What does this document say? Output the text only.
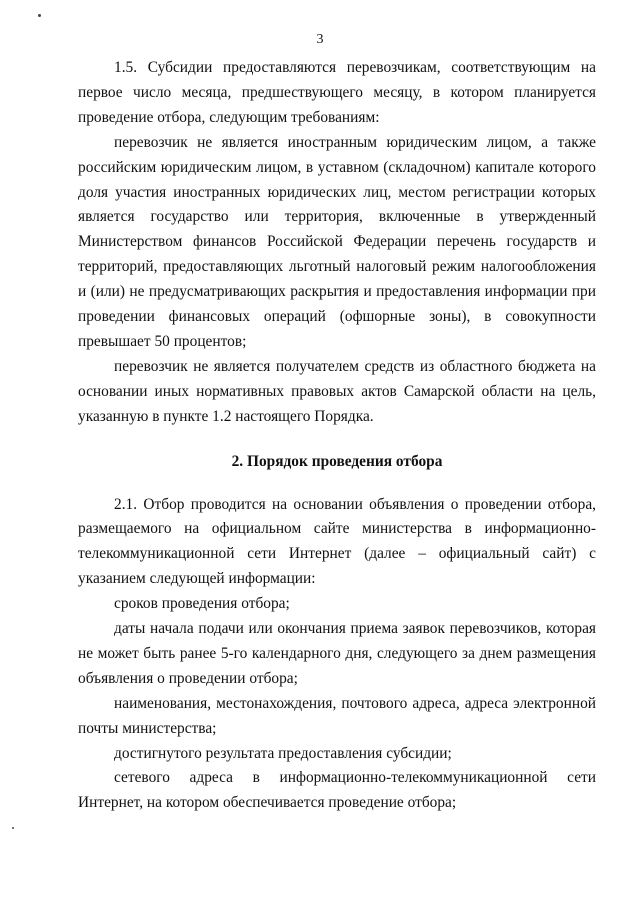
3

1.5. Субсидии предоставляются перевозчикам, соответствующим на первое число месяца, предшествующего месяцу, в котором планируется проведение отбора, следующим требованиям:

перевозчик не является иностранным юридическим лицом, а также российским юридическим лицом, в уставном (складочном) капитале которого доля участия иностранных юридических лиц, местом регистрации которых является государство или территория, включенные в утвержденный Министерством финансов Российской Федерации перечень государств и территорий, предоставляющих льготный налоговый режим налогообложения и (или) не предусматривающих раскрытия и предоставления информации при проведении финансовых операций (офшорные зоны), в совокупности превышает 50 процентов;

перевозчик не является получателем средств из областного бюджета на основании иных нормативных правовых актов Самарской области на цель, указанную в пункте 1.2 настоящего Порядка.

2. Порядок проведения отбора

2.1. Отбор проводится на основании объявления о проведении отбора, размещаемого на официальном сайте министерства в информационно-телекоммуникационной сети Интернет (далее – официальный сайт) с указанием следующей информации:

сроков проведения отбора;

даты начала подачи или окончания приема заявок перевозчиков, которая не может быть ранее 5-го календарного дня, следующего за днем размещения объявления о проведении отбора;

наименования, местонахождения, почтового адреса, адреса электронной почты министерства;

достигнутого результата предоставления субсидии;

сетевого адреса в информационно-телекоммуникационной сети Интернет, на котором обеспечивается проведение отбора;
